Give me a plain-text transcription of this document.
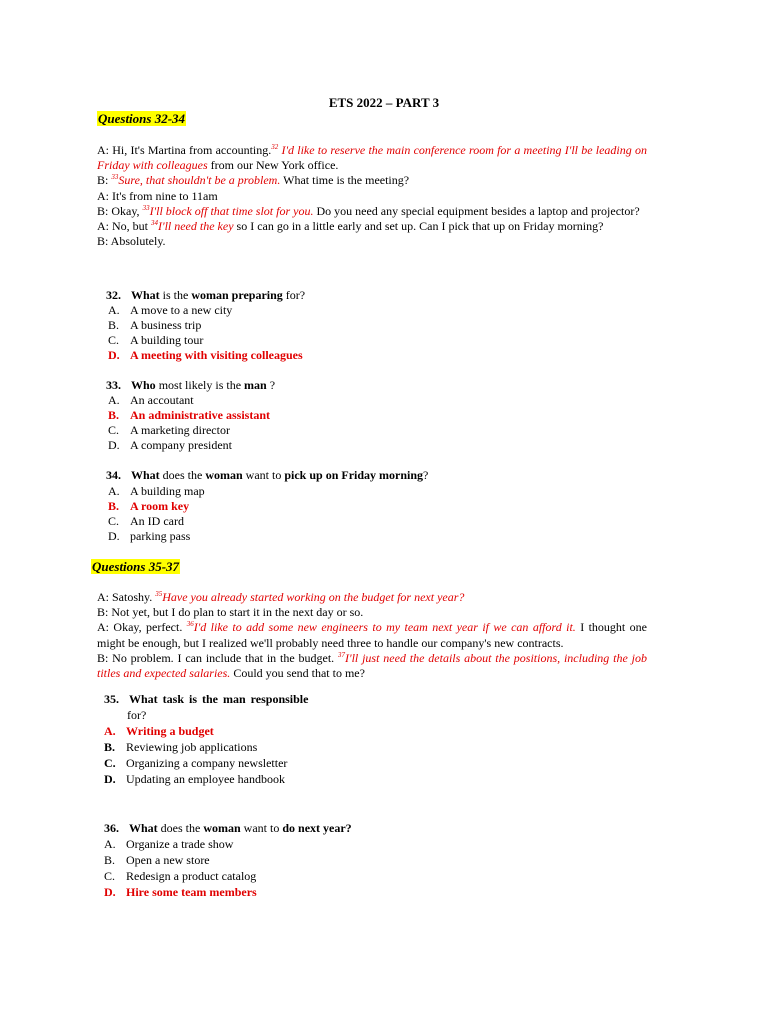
ETS 2022 – PART 3
Questions 32-34

A: Hi, It's Martina from accounting.$^{32}$ I'd like to reserve the main conference room for a meeting I'll be leading on Friday with colleagues from our New York office.

B: $^{33}$Sure, that shouldn't be a problem. What time is the meeting?

A: It's from nine to 11am

B: Okay, $^{33}$I'll block off that time slot for you. Do you need any special equipment besides a laptop and projector?

A: No, but $^{34}$I'll need the key so I can go in a little early and set up. Can I pick that up on Friday morning?

B: Absolutely.

32. What is the woman preparing for?
A. A move to a new city
B. A business trip
C. A building tour
D. A meeting with visiting colleagues
33. Who most likely is the man ?
A. An accoutant
B. An administrative assistant
C. A marketing director
D. A company president
34. What does the woman want to pick up on Friday morning?
A. A building map
B. A room key
C. An ID card
D. parking pass
Questions 35-37

A: Satoshy. $^{35}$Have you already started working on the budget for next year?

B: Not yet, but I do plan to start it in the next day or so.

A: Okay, perfect. $^{36}$I'd like to add some new engineers to my team next year if we can afford it. I thought one might be enough, but I realized we'll probably need three to handle our company's new contracts.

B: No problem. I can include that in the budget. $^{37}$I'll just need the details about the positions, including the job titles and expected salaries. Could you send that to me?

35. What task is the man responsible
for?
A. Writing a budget
B. Reviewing job applications
C. Organizing a company newsletter
D. Updating an employee handbook
36. What does the woman want to do next year?
A. Organize a trade show
B. Open a new store
C. Redesign a product catalog
D. Hire some team members
